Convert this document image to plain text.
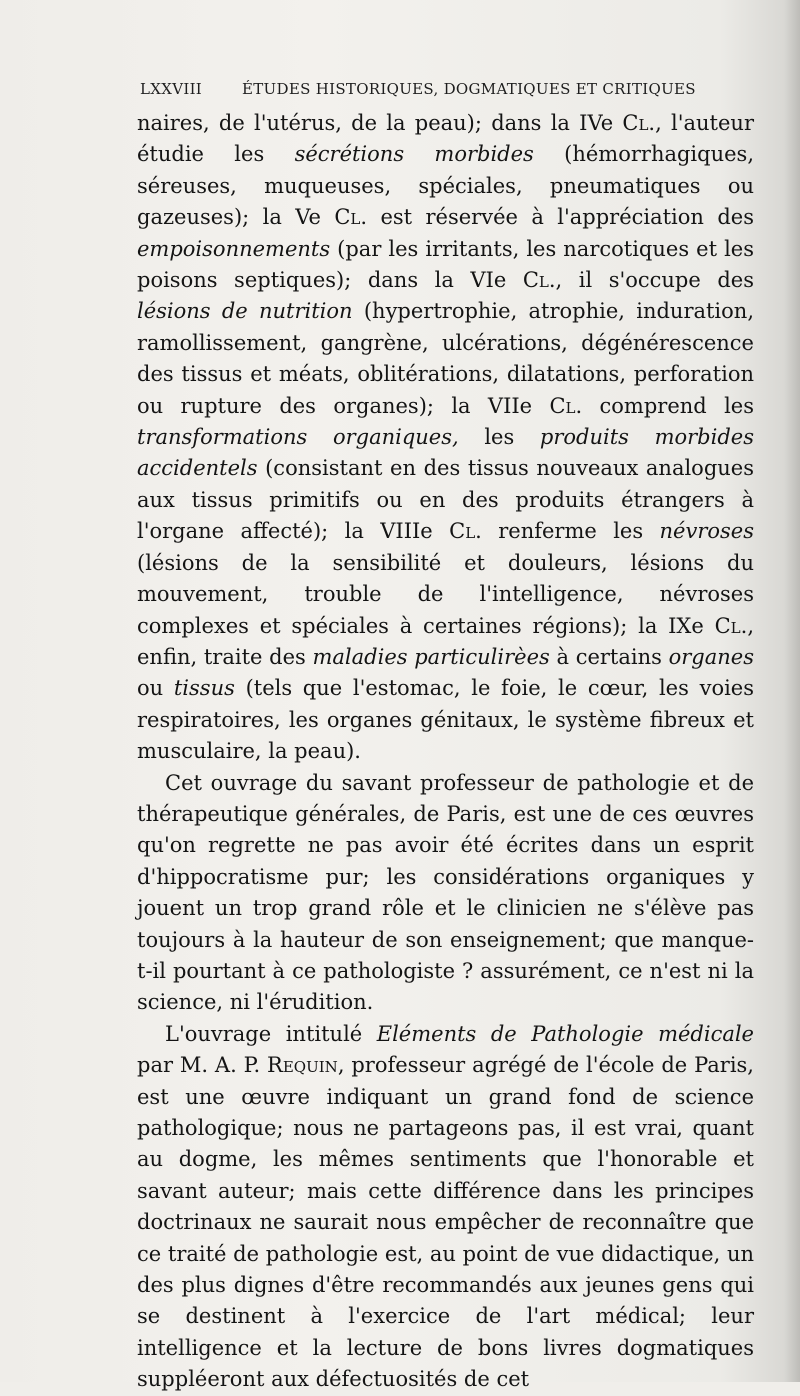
LXXVIII	ÉTUDES HISTORIQUES, DOGMATIQUES ET CRITIQUES

naires, de l'utérus, de la peau); dans la IVe Cl., l'auteur étudie les sécrétions morbides (hémorrhagiques, séreuses, muqueuses, spéciales, pneumatiques ou gazeuses); la Ve Cl. est réservée à l'appréciation des empoisonnements (par les irritants, les narcotiques et les poisons septiques); dans la VIe Cl., il s'occupe des lésions de nutrition (hypertrophie, atrophie, induration, ramollissement, gangrène, ulcérations, dégénérescence des tissus et méats, oblitérations, dilatations, perforation ou rupture des organes); la VIIe Cl. comprend les transformations organiques, les produits morbides accidentels (consistant en des tissus nouveaux analogues aux tissus primitifs ou en des produits étrangers à l'organe affecté); la VIIIe Cl. renferme les névroses (lésions de la sensibilité et douleurs, lésions du mouvement, trouble de l'intelligence, névroses complexes et spéciales à certaines régions); la IXe Cl., enfin, traite des maladies particulirèes à certains organes ou tissus (tels que l'estomac, le foie, le cœur, les voies respiratoires, les organes génitaux, le système fibreux et musculaire, la peau).

Cet ouvrage du savant professeur de pathologie et de thérapeutique générales, de Paris, est une de ces œuvres qu'on regrette ne pas avoir été écrites dans un esprit d'hippocratisme pur; les considérations organiques y jouent un trop grand rôle et le clinicien ne s'élève pas toujours à la hauteur de son enseignement; que manque-t-il pourtant à ce pathologiste ? assurément, ce n'est ni la science, ni l'érudition.

L'ouvrage intitulé Eléments de Pathologie médicale par M. A. P. Requin, professeur agrégé de l'école de Paris, est une œuvre indiquant un grand fond de science pathologique; nous ne partageons pas, il est vrai, quant au dogme, les mêmes sentiments que l'honorable et savant auteur; mais cette différence dans les principes doctrinaux ne saurait nous empêcher de reconnaître que ce traité de pathologie est, au point de vue didactique, un des plus dignes d'être recommandés aux jeunes gens qui se destinent à l'exercice de l'art médical; leur intelligence et la lecture de bons livres dogmatiques suppléeront aux défectuosités de cet
